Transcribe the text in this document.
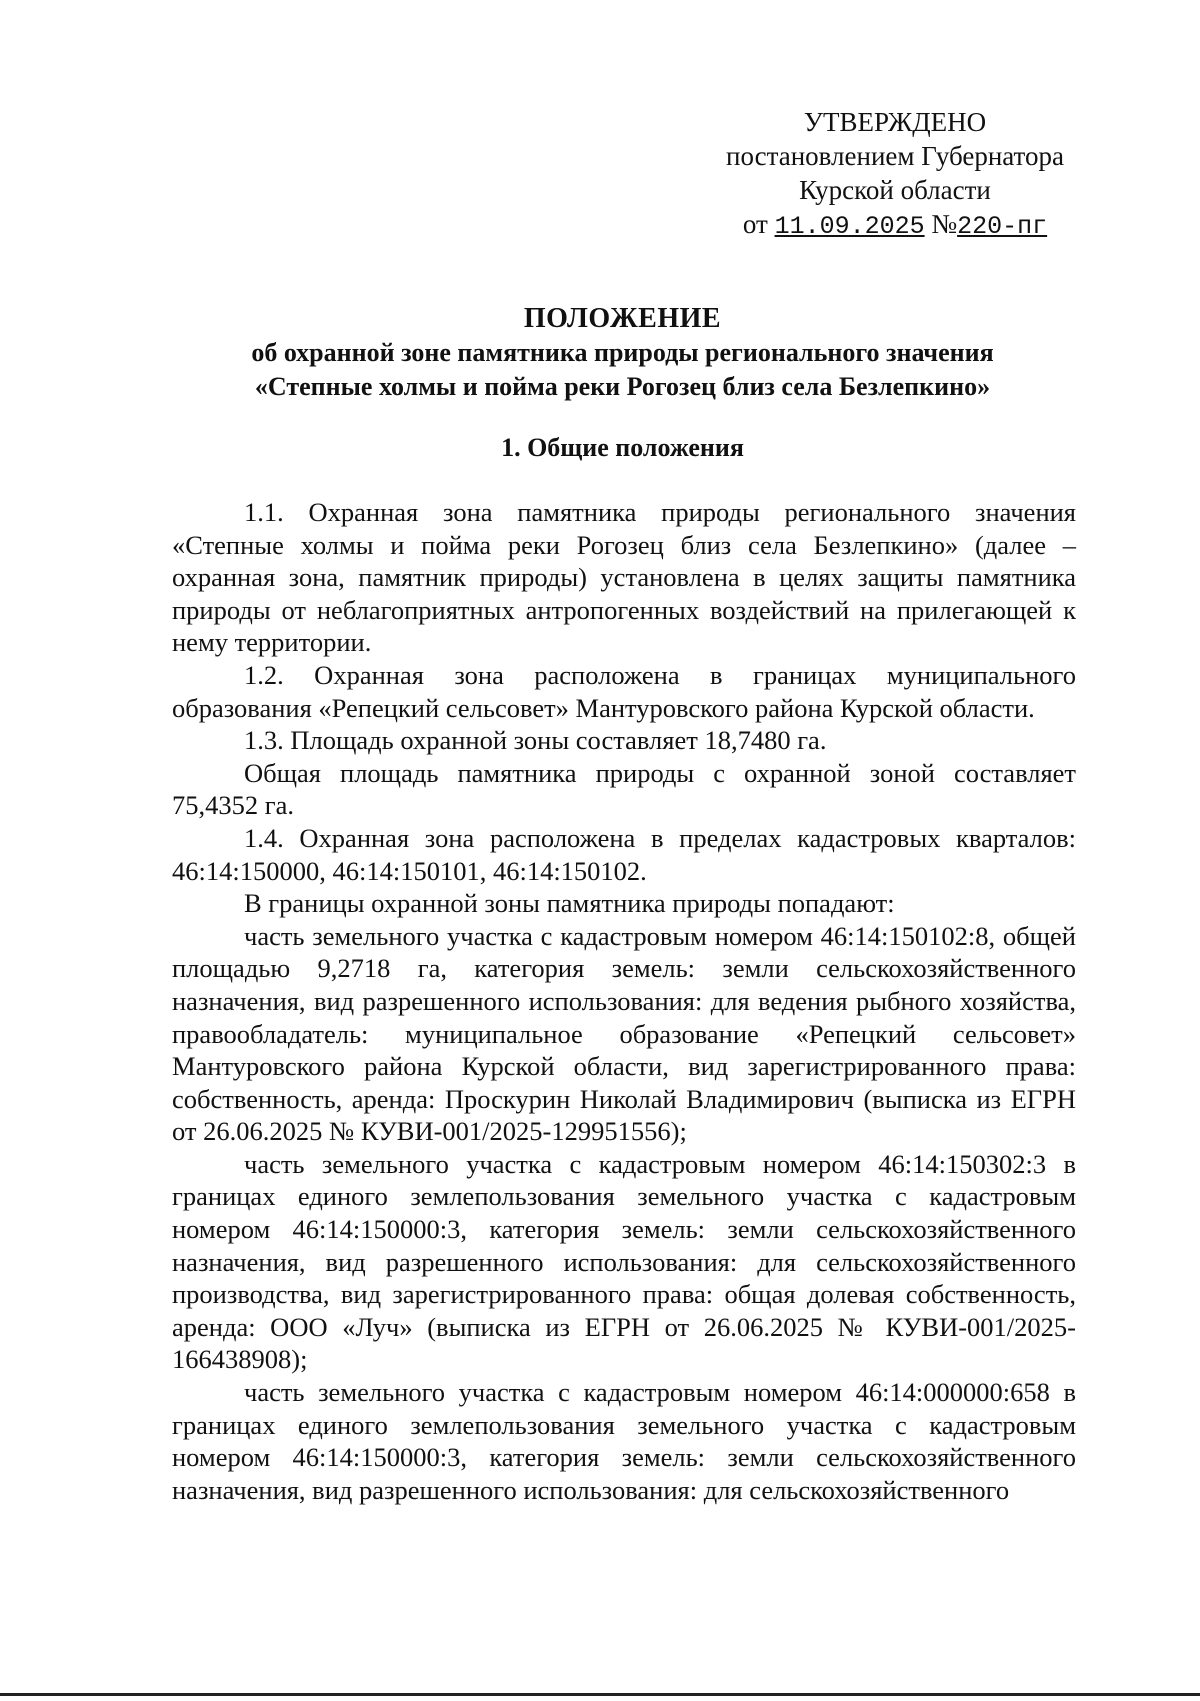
УТВЕРЖДЕНО
постановлением Губернатора
Курской области
от 11.09.2025 №220-пг
ПОЛОЖЕНИЕ
об охранной зоне памятника природы регионального значения
«Степные холмы и пойма реки Рогозец близ села Безлепкино»
1. Общие положения

1.1. Охранная зона памятника природы регионального значения «Степные холмы и пойма реки Рогозец близ села Безлепкино» (далее – охранная зона, памятник природы) установлена в целях защиты памятника природы от неблагоприятных антропогенных воздействий на прилегающей к нему территории.

1.2. Охранная зона расположена в границах муниципального образования «Репецкий сельсовет» Мантуровского района Курской области.

1.3. Площадь охранной зоны составляет 18,7480 га.

Общая площадь памятника природы с охранной зоной составляет 75,4352 га.

1.4. Охранная зона расположена в пределах кадастровых кварталов: 46:14:150000, 46:14:150101, 46:14:150102.

В границы охранной зоны памятника природы попадают:

часть земельного участка с кадастровым номером 46:14:150102:8, общей площадью 9,2718 га, категория земель: земли сельскохозяйственного назначения, вид разрешенного использования: для ведения рыбного хозяйства, правообладатель: муниципальное образование «Репецкий сельсовет» Мантуровского района Курской области, вид зарегистрированного права: собственность, аренда: Проскурин Николай Владимирович (выписка из ЕГРН от 26.06.2025 № КУВИ-001/2025-129951556);

часть земельного участка с кадастровым номером 46:14:150302:3 в границах единого землепользования земельного участка с кадастровым номером 46:14:150000:3, категория земель: земли сельскохозяйственного назначения, вид разрешенного использования: для сельскохозяйственного производства, вид зарегистрированного права: общая долевая собственность, аренда: ООО «Луч» (выписка из ЕГРН от 26.06.2025 № КУВИ-001/2025-166438908);

часть земельного участка с кадастровым номером 46:14:000000:658 в границах единого землепользования земельного участка с кадастровым номером 46:14:150000:3, категория земель: земли сельскохозяйственного назначения, вид разрешенного использования: для сельскохозяйственного
